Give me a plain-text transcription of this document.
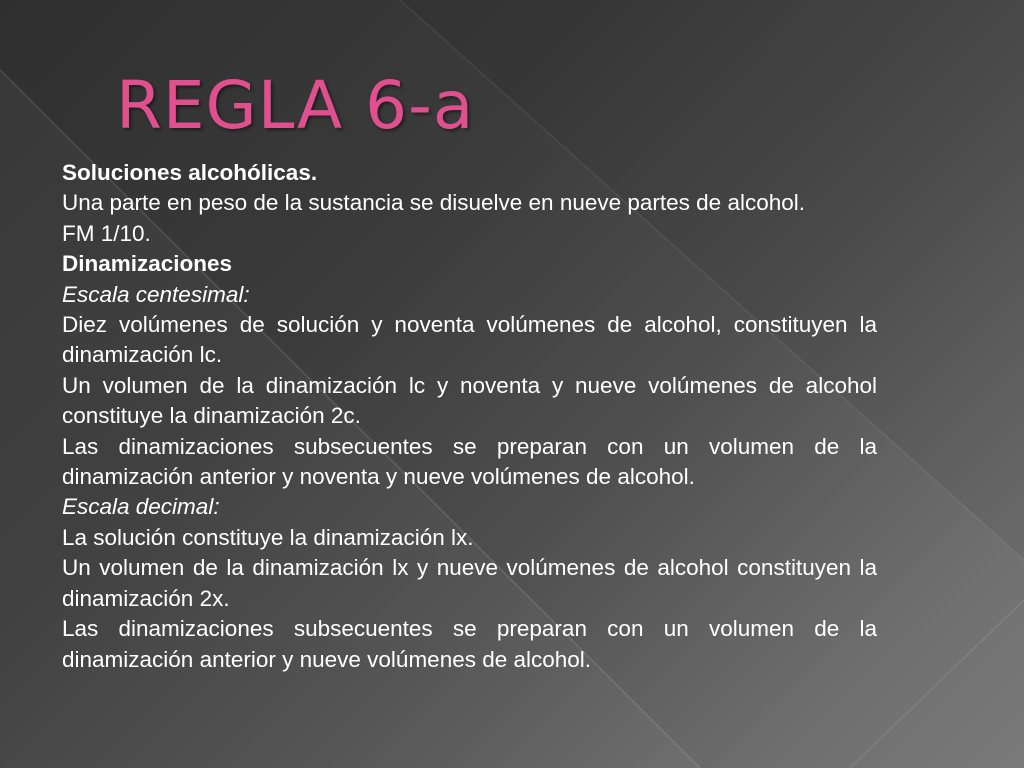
REGLA 6-a

Soluciones alcohólicas.

Una parte en peso de la sustancia se disuelve en nueve partes de alcohol.

FM 1/10.

Dinamizaciones

Escala centesimal:

Diez volúmenes de solución y noventa volúmenes de alcohol, constituyen la dinamización lc.

Un volumen de la dinamización lc y noventa y nueve volúmenes de alcohol constituye la dinamización 2c.

Las dinamizaciones subsecuentes se preparan con un volumen de la dinamización anterior y noventa y nueve volúmenes de alcohol.

Escala decimal:

La solución constituye la dinamización lx.

Un volumen de la dinamización lx y nueve volúmenes de alcohol constituyen la dinamización 2x.

Las dinamizaciones subsecuentes se preparan con un volumen de la dinamización anterior y nueve volúmenes de alcohol.
